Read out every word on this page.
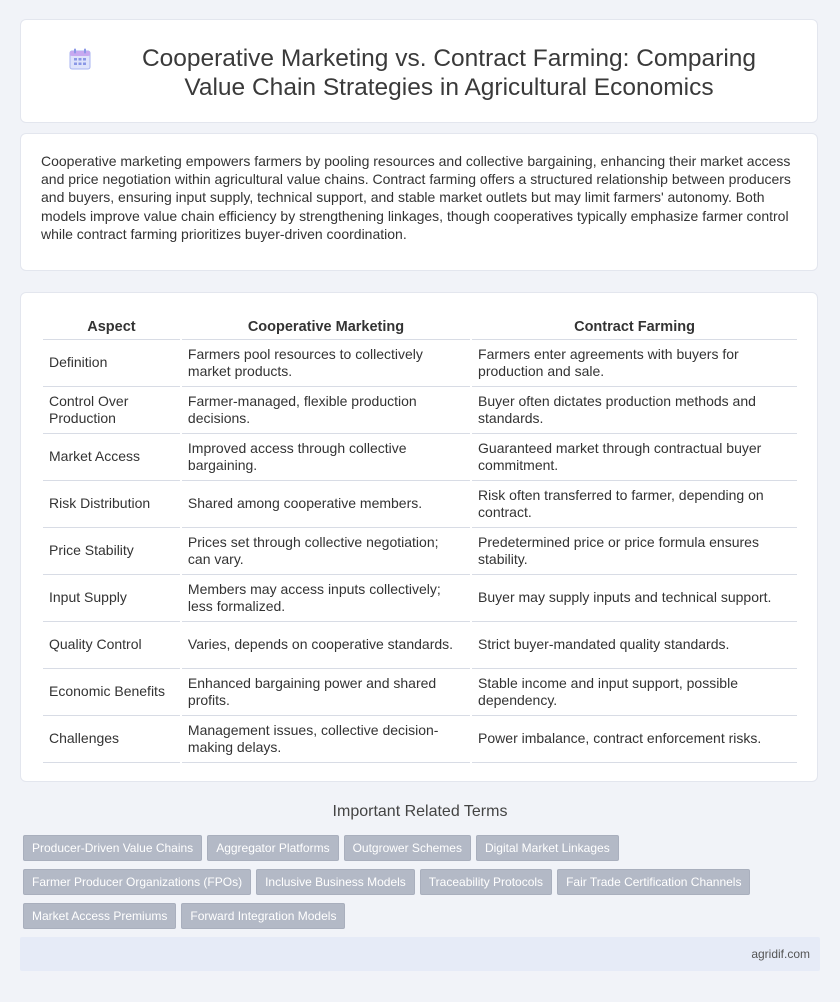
Cooperative Marketing vs. Contract Farming: Comparing Value Chain Strategies in Agricultural Economics

Cooperative marketing empowers farmers by pooling resources and collective bargaining, enhancing their market access and price negotiation within agricultural value chains. Contract farming offers a structured relationship between producers and buyers, ensuring input supply, technical support, and stable market outlets but may limit farmers' autonomy. Both models improve value chain efficiency by strengthening linkages, though cooperatives typically emphasize farmer control while contract farming prioritizes buyer-driven coordination.

Aspect	Cooperative Marketing	Contract Farming
Definition	Farmers pool resources to collectively market products.	Farmers enter agreements with buyers for production and sale.
Control Over Production	Farmer-managed, flexible production decisions.	Buyer often dictates production methods and standards.
Market Access	Improved access through collective bargaining.	Guaranteed market through contractual buyer commitment.
Risk Distribution	Shared among cooperative members.	Risk often transferred to farmer, depending on contract.
Price Stability	Prices set through collective negotiation; can vary.	Predetermined price or price formula ensures stability.
Input Supply	Members may access inputs collectively; less formalized.	Buyer may supply inputs and technical support.
Quality Control	Varies, depends on cooperative standards.	Strict buyer-mandated quality standards.
Economic Benefits	Enhanced bargaining power and shared profits.	Stable income and input support, possible dependency.
Challenges	Management issues, collective decision-making delays.	Power imbalance, contract enforcement risks.
Important Related Terms
Producer-Driven Value Chains Aggregator Platforms Outgrower Schemes Digital Market Linkages
Farmer Producer Organizations (FPOs) Inclusive Business Models Traceability Protocols Fair Trade Certification Channels
Market Access Premiums Forward Integration Models
agridif.com
